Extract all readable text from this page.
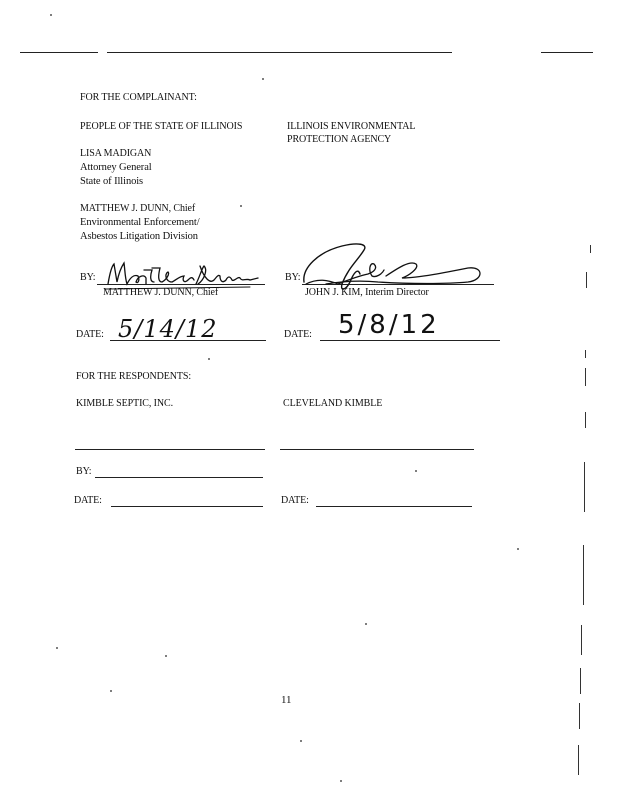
FOR THE COMPLAINANT:
PEOPLE OF THE STATE OF ILLINOIS	ILLINOIS ENVIRONMENTAL
PROTECTION AGENCY
LISA MADIGAN
Attorney General
State of Illinois
MATTHEW J. DUNN, Chief
Environmental Enforcement/
Asbestos Litigation Division
BY:
MATTHEW J. DUNN, Chief
BY:
JOHN J. KIM, Interim Director
DATE: 5/14/12	DATE: 5/8/12
FOR THE RESPONDENTS:
KIMBLE SEPTIC, INC.	CLEVELAND KIMBLE
BY:
DATE:	DATE:
11
